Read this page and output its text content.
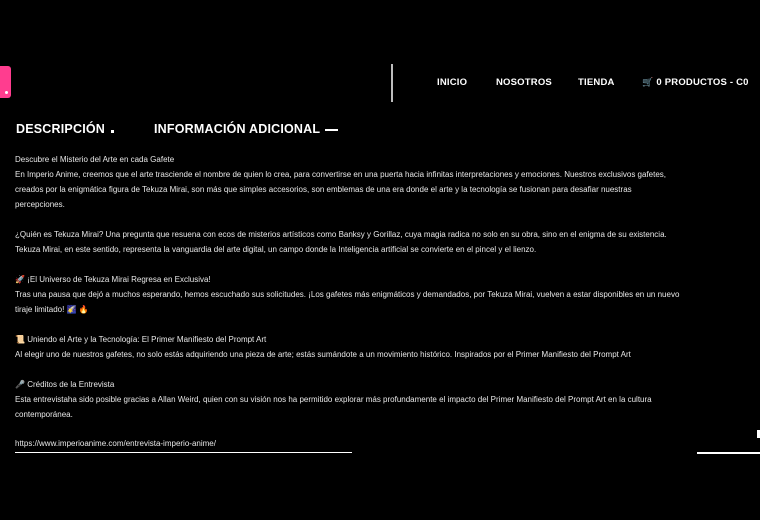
INICIO	NOSOTROS	TIENDA	🛒 0 PRODUCTOS - C0
DESCRIPCIÓN	INFORMACIÓN ADICIONAL
Descubre el Misterio del Arte en cada Gafete

En Imperio Anime, creemos que el arte trasciende el nombre de quien lo crea, para convertirse en una puerta hacia infinitas interpretaciones y emociones. Nuestros exclusivos gafetes,
creados por la enigmática figura de Tekuza Mirai, son más que simples accesorios, son emblemas de una era donde el arte y la tecnología se fusionan para desafiar nuestras
percepciones.

¿Quién es Tekuza Mirai? Una pregunta que resuena con ecos de misterios artísticos como Banksy y Gorillaz, cuya magia radica no solo en su obra, sino en el enigma de su existencia.
Tekuza Mirai, en este sentido, representa la vanguardia del arte digital, un campo donde la Inteligencia artificial se convierte en el pincel y el lienzo.

🚀 ¡El Universo de Tekuza Mirai Regresa en Exclusiva!
Tras una pausa que dejó a muchos esperando, hemos escuchado sus solicitudes. ¡Los gafetes más enigmáticos y demandados, por Tekuza Mirai, vuelven a estar disponibles en un nuevo
tiraje limitado! 🌠 🔥

📜 Uniendo el Arte y la Tecnología: El Primer Manifiesto del Prompt Art
Al elegir uno de nuestros gafetes, no solo estás adquiriendo una pieza de arte; estás sumándote a un movimiento histórico. Inspirados por el Primer Manifiesto del Prompt Art

🎤 Créditos de la Entrevista
Esta entrevistaha sido posible gracias a Allan Weird, quien con su visión nos ha permitido explorar más profundamente el impacto del Primer Manifiesto del Prompt Art en la cultura
contemporánea.

https://www.imperioanime.com/entrevista-imperio-anime/
